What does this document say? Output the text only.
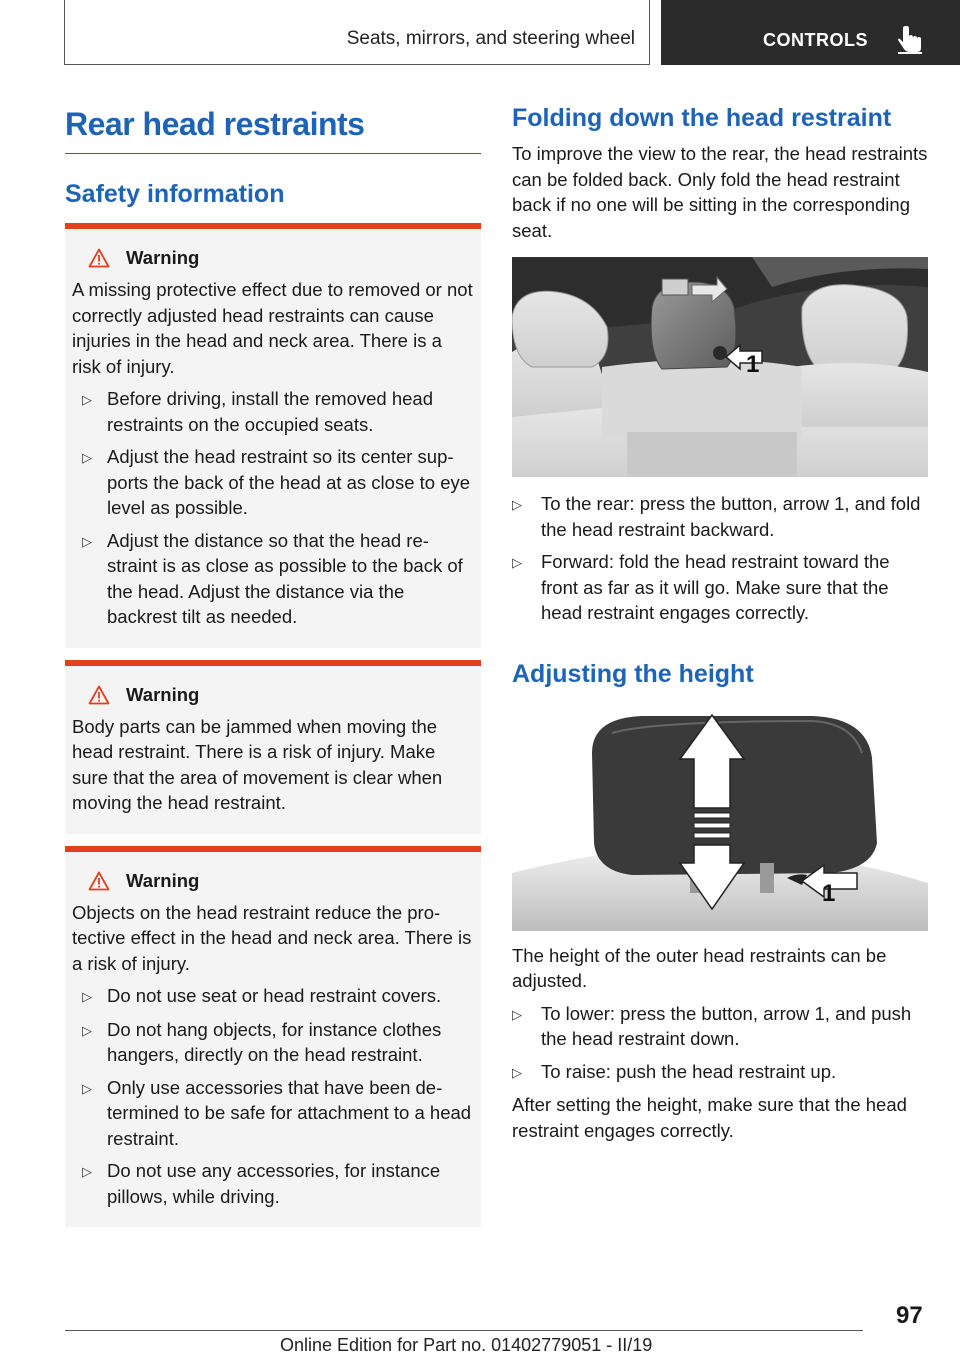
Seats, mirrors, and steering wheel	CONTROLS
Rear head restraints
Safety information
Warning

A missing protective effect due to removed or not correctly adjusted head restraints can cause injuries in the head and neck area. There is a risk of injury.

▷ Before driving, install the removed head restraints on the occupied seats.
▷ Adjust the head restraint so its center supports the back of the head at as close to eye level as possible.
▷ Adjust the distance so that the head restraint is as close as possible to the back of the head. Adjust the distance via the backrest tilt as needed.
Warning

Body parts can be jammed when moving the head restraint. There is a risk of injury. Make sure that the area of movement is clear when moving the head restraint.

Warning

Objects on the head restraint reduce the protective effect in the head and neck area. There is a risk of injury.

▷ Do not use seat or head restraint covers.
▷ Do not hang objects, for instance clothes hangers, directly on the head restraint.
▷ Only use accessories that have been determined to be safe for attachment to a head restraint.
▷ Do not use any accessories, for instance pillows, while driving.
Folding down the head restraint

To improve the view to the rear, the head restraints can be folded back. Only fold the head restraint back if no one will be sitting in the corresponding seat.

1
▷	To the rear: press the button, arrow 1, and fold the head restraint backward.
▷	Forward: fold the head restraint toward the front as far as it will go. Make sure that the head restraint engages correctly.
Adjusting the height
1

The height of the outer head restraints can be adjusted.

▷	To lower: press the button, arrow 1, and push the head restraint down.
▷	To raise: push the head restraint up.

After setting the height, make sure that the head restraint engages correctly.

97
Online Edition for Part no. 01402779051 - II/19
